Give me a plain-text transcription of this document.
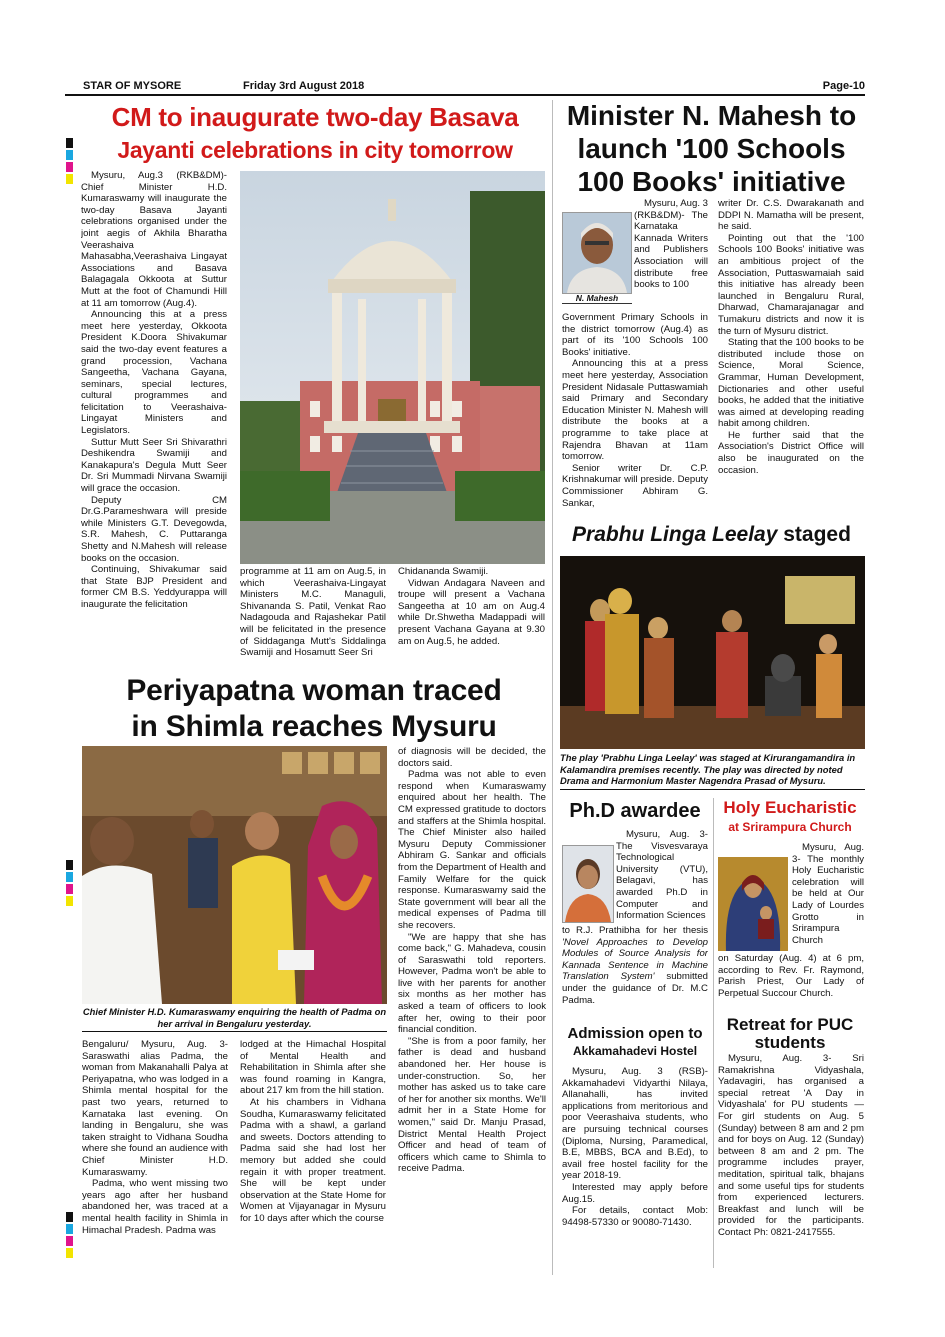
STAR OF MYSORE	Friday 3rd August 2018	Page-10
CM to inaugurate two-day Basava
Jayanti celebrations in city tomorrow

Mysuru, Aug.3 (RKB&DM)- Chief Minister H.D. Kumaraswamy will inaugurate the two-day Basava Jayanti celebrations organised under the joint aegis of Akhila Bharatha Veerashaiva Mahasabha,Veerashaiva Lingayat Associations and Basava Balagagala Okkoota at Suttur Mutt at the foot of Chamundi Hill at 11 am tomorrow (Aug.4).

Announcing this at a press meet here yesterday, Okkoota President K.Doora Shivakumar said the two-day event features a grand procession, Vachana Sangeetha, Vachana Gayana, seminars, special lectures, cultural programmes and felicitation to Veerashaiva-Lingayat Ministers and Legislators.

Suttur Mutt Seer Sri Shivarathri Deshikendra Swamiji and Kanakapura's Degula Mutt Seer Dr. Sri Mummadi Nirvana Swamiji will grace the occasion.

Deputy CM Dr.G.Parameshwara will preside while Ministers G.T. Devegowda, S.R. Mahesh, C. Puttaranga Shetty and N.Mahesh will release books on the occasion.

Continuing, Shivakumar said that State BJP President and former CM B.S. Yeddyurappa will inaugurate the felicitation

programme at 11 am on Aug.5, in which Veerashaiva-Lingayat Ministers M.C. Managuli, Shivananda S. Patil, Venkat Rao Nadagouda and Rajashekar Patil will be felicitated in the presence of Siddaganga Mutt's Siddalinga Swamiji and Hosamutt Seer Sri

Chidananda Swamiji.

Vidwan Andagara Naveen and troupe will present a Vachana Sangeetha at 10 am on Aug.4 while Dr.Shwetha Madappadi will present Vachana Gayana at 9.30 am on Aug.5, he added.

Minister N. Mahesh to
launch '100 Schools
100 Books' initiative
N. Mahesh
Mysuru, Aug. 3 (RKB&DM)- The Karnataka Kannada Writers and Publishers Association will distribute free books to 100

Government Primary Schools in the district tomorrow (Aug.4) as part of its '100 Schools 100 Books' initiative.

Announcing this at a press meet here yesterday, Association President Nidasale Puttaswamiah said Primary and Secondary Education Minister N. Mahesh will distribute the books at a programme to take place at Rajendra Bhavan at 11am tomorrow.

Senior writer Dr. C.P. Krishnakumar will preside. Deputy Commissioner Abhiram G. Sankar,

writer Dr. C.S. Dwarakanath and DDPI N. Mamatha will be present, he said.

Pointing out that the '100 Schools 100 Books' initiative was an ambitious project of the Association, Puttaswamaiah said this initiative has already been launched in Bengaluru Rural, Dharwad, Chamarajanagar and Tumakuru districts and now it is the turn of Mysuru district.

Stating that the 100 books to be distributed include those on Science, Moral Science, Grammar, Human Development, Dictionaries and other useful books, he added that the initiative was aimed at developing reading habit among children.

He further said that the Association's District Office will also be inaugurated on the occasion.

Prabhu Linga Leelay staged
The play 'Prabhu Linga Leelay' was staged at Kirurangamandira in Kalamandira premises recently. The play was directed by noted Drama and Harmonium Master Nagendra Prasad of Mysuru.
Periyapatna woman traced
in Shimla reaches Mysuru
Chief Minister H.D. Kumaraswamy enquiring the health of Padma on her arrival in Bengaluru yesterday.

Bengaluru/ Mysuru, Aug. 3- Saraswathi alias Padma, the woman from Makanahalli Palya at Periyapatna, who was lodged in a Shimla mental hospital for the past two years, returned to Karnataka last evening. On landing in Bengaluru, she was taken straight to Vidhana Soudha where she found an audience with Chief Minister H.D. Kumaraswamy.

Padma, who went missing two years ago after her husband abandoned her, was traced at a mental health facility in Shimla in Himachal Pradesh. Padma was

lodged at the Himachal Hospital of Mental Health and Rehabilitation in Shimla after she was found roaming in Kangra, about 217 km from the hill station.

At his chambers in Vidhana Soudha, Kumaraswamy felicitated Padma with a shawl, a garland and sweets. Doctors attending to Padma said she had lost her memory but added she could regain it with proper treatment. She will be kept under observation at the State Home for Women at Vijayanagar in Mysuru for 10 days after which the course

of diagnosis will be decided, the doctors said.

Padma was not able to even respond when Kumaraswamy enquired about her health. The CM expressed gratitude to doctors and staffers at the Shimla hospital. The Chief Minister also hailed Mysuru Deputy Commissioner Abhiram G. Sankar and officials from the Department of Health and Family Welfare for the quick response. Kumaraswamy said the State government will bear all the medical expenses of Padma till she recovers.

"We are happy that she has come back," G. Mahadeva, cousin of Saraswathi told reporters. However, Padma won't be able to live with her parents for another six months as her mother has asked a team of officers to look after her, owing to their poor financial condition.

"She is from a poor family, her father is dead and husband abandoned her. Her house is under-construction. So, her mother has asked us to take care of her for another six months. We'll admit her in a State Home for women," said Dr. Manju Prasad, District Mental Health Project Officer and head of team of officers which came to Shimla to receive Padma.

Ph.D awardee
Mysuru, Aug. 3- The Visvesvaraya Technological University (VTU), Belagavi, has awarded Ph.D in Computer and Information Sciences
to R.J. Prathibha for her thesis 'Novel Approaches to Develop Modules of Source Analysis for Kannada Sentence in Machine Translation System' submitted under the guidance of Dr. M.C Padma.
Admission open to
Akkamahadevi Hostel

Mysuru, Aug. 3 (RSB)-Akkamahadevi Vidyarthi Nilaya, Allanahalli, has invited applications from meritorious and poor Veerashaiva students, who are pursuing technical courses (Diploma, Nursing, Paramedical, B.E, MBBS, BCA and B.Ed), to avail free hostel facility for the year 2018-19.

Interested may apply before Aug.15.

For details, contact Mob: 94498-57330 or 90080-71430.

Holy Eucharistic
at Srirampura Church
Mysuru, Aug. 3- The monthly Holy Eucharistic celebration will be held at Our Lady of Lourdes Grotto in Srirampura Church
on Saturday (Aug. 4) at 6 pm, according to Rev. Fr. Raymond, Parish Priest, Our Lady of Perpetual Succour Church.
Retreat for PUC
students

Mysuru, Aug. 3- Sri Ramakrishna Vidyashala, Yadavagiri, has organised a special retreat 'A Day in Vidyashala' for PU students — For girl students on Aug. 5 (Sunday) between 8 am and 2 pm and for boys on Aug. 12 (Sunday) between 8 am and 2 pm. The programme includes prayer, meditation, spiritual talk, bhajans and some useful tips for students from experienced lecturers. Breakfast and lunch will be provided for the participants. Contact Ph: 0821-2417555.
